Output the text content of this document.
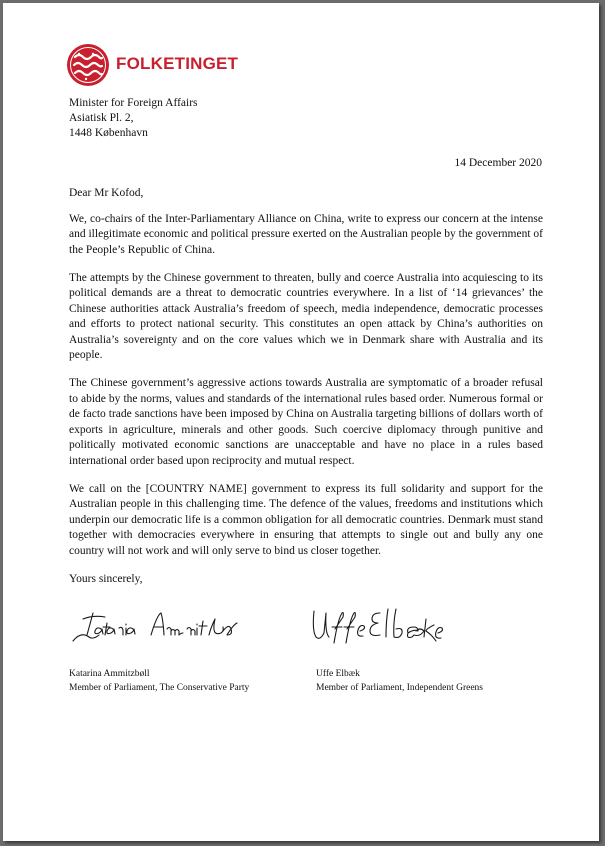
FOLKETINGET
Minister for Foreign Affairs
Asiatisk Pl. 2,
1448 København
14 December 2020

Dear Mr Kofod,

We, co-chairs of the Inter-Parliamentary Alliance on China, write to express our concern at the intense and illegitimate economic and political pressure exerted on the Australian people by the government of the People’s Republic of China.

The attempts by the Chinese government to threaten, bully and coerce Australia into acquiescing to its political demands are a threat to democratic countries everywhere. In a list of ‘14 grievances’ the Chinese authorities attack Australia’s freedom of speech, media independence, democratic processes and efforts to protect national security. This constitutes an open attack by China’s authorities on Australia’s sovereignty and on the core values which we in Denmark share with Australia and its people.

The Chinese government’s aggressive actions towards Australia are symptomatic of a broader refusal to abide by the norms, values and standards of the international rules based order. Numerous formal or de facto trade sanctions have been imposed by China on Australia targeting billions of dollars worth of exports in agriculture, minerals and other goods. Such coercive diplomacy through punitive and politically motivated economic sanctions are unacceptable and have no place in a rules based international order based upon reciprocity and mutual respect.

We call on the [COUNTRY NAME] government to express its full solidarity and support for the Australian people in this challenging time. The defence of the values, freedoms and institutions which underpin our democratic life is a common obligation for all democratic countries. Denmark must stand together with democracies everywhere in ensuring that attempts to single out and bully any one country will not work and will only serve to bind us closer together.

Yours sincerely,

Katarina Ammitzbøll
Member of Parliament, The Conservative Party
Uffe Elbæk
Member of Parliament, Independent Greens
